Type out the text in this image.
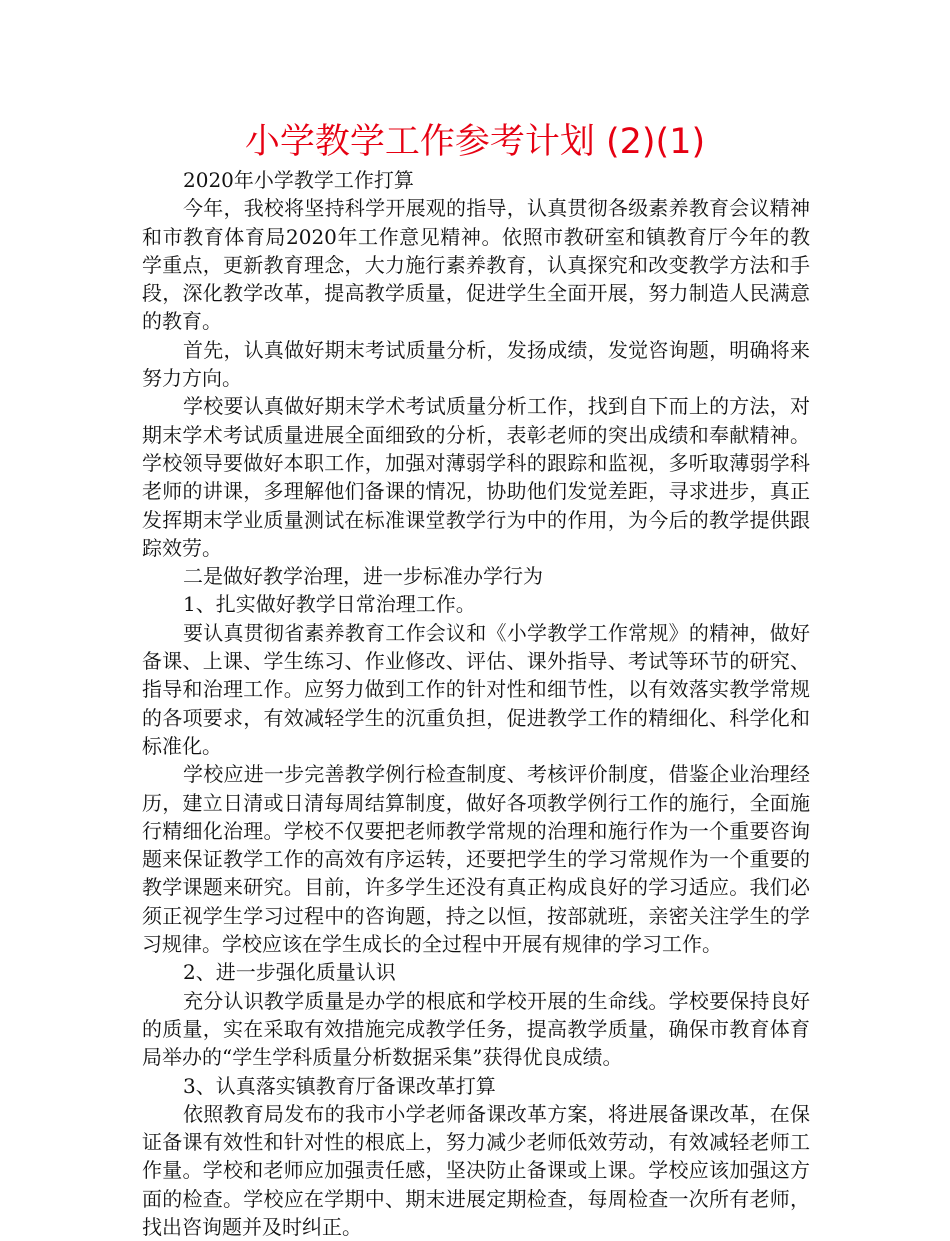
小学教学工作参考计划 (2)(1)

2020年小学教学工作打算

今年，我校将坚持科学开展观的指导，认真贯彻各级素养教育会议精神和市教育体育局2020年工作意见精神。依照市教研室和镇教育厅今年的教学重点，更新教育理念，大力施行素养教育，认真探究和改变教学方法和手段，深化教学改革，提高教学质量，促进学生全面开展，努力制造人民满意的教育。

首先，认真做好期末考试质量分析，发扬成绩，发觉咨询题，明确将来努力方向。

学校要认真做好期末学术考试质量分析工作，找到自下而上的方法，对期末学术考试质量进展全面细致的分析，表彰老师的突出成绩和奉献精神。学校领导要做好本职工作，加强对薄弱学科的跟踪和监视，多听取薄弱学科老师的讲课，多理解他们备课的情况，协助他们发觉差距，寻求进步，真正发挥期末学业质量测试在标准课堂教学行为中的作用，为今后的教学提供跟踪效劳。

二是做好教学治理，进一步标准办学行为

1、扎实做好教学日常治理工作。

要认真贯彻省素养教育工作会议和《小学教学工作常规》的精神，做好备课、上课、学生练习、作业修改、评估、课外指导、考试等环节的研究、指导和治理工作。应努力做到工作的针对性和细节性，以有效落实教学常规的各项要求，有效减轻学生的沉重负担，促进教学工作的精细化、科学化和标准化。

学校应进一步完善教学例行检查制度、考核评价制度，借鉴企业治理经历，建立日清或日清每周结算制度，做好各项教学例行工作的施行，全面施行精细化治理。学校不仅要把老师教学常规的治理和施行作为一个重要咨询题来保证教学工作的高效有序运转，还要把学生的学习常规作为一个重要的教学课题来研究。目前，许多学生还没有真正构成良好的学习适应。我们必须正视学生学习过程中的咨询题，持之以恒，按部就班，亲密关注学生的学习规律。学校应该在学生成长的全过程中开展有规律的学习工作。

2、进一步强化质量认识

充分认识教学质量是办学的根底和学校开展的生命线。学校要保持良好的质量，实在采取有效措施完成教学任务，提高教学质量，确保市教育体育局举办的“学生学科质量分析数据采集”获得优良成绩。

3、认真落实镇教育厅备课改革打算

依照教育局发布的我市小学老师备课改革方案，将进展备课改革，在保证备课有效性和针对性的根底上，努力减少老师低效劳动，有效减轻老师工作量。学校和老师应加强责任感，坚决防止备课或上课。学校应该加强这方面的检查。学校应在学期中、期末进展定期检查，每周检查一次所有老师，找出咨询题并及时纠正。
